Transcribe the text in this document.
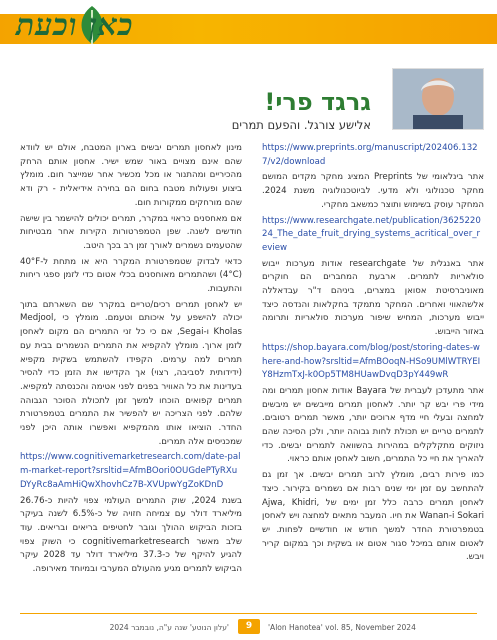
כאן וכעת
גרגד פרי!
אלישע צורגל. והפעם תמרים

https://www.preprints.org/manuscript/202406.1327/v2/download

אתר בינלאומי של Preprints המציג מחקר מקדים המושם מחקר טכנולוגי ולא מדעי. לביוטכנולוגיה משנת 2024. המחקר עוסק בשימוש ותוצר כמשאב מחקרי.

https://www.researchgate.net/publication/362522024_The_date_fruit_drying_systems_acritical_over_review

אתר באנגלית של researchgate אודות מערכות ייבוש סולאריות לתמרים. ארבעת המחברים הם חוקרים מאוניברסיטת אסואן במצרים, ביניהם ד"ר עבדאללה אלשהאווי ואחרים. המחקר מתמקד בחקלאות והנדסה כיצד ייבוש מערכות, המחיש שיפור מערכות סולאריות ותרומה באזור הייבוש.

https://shop.bayara.com/blog/post/storing-dates-where-and-how?srsltid=AfmBOoqN-HSo9UMlWTRYEIY8HzmTxJ-k0Op5TM8HUawDvqD3pY449wR

אתר מתעדכן לעברית של Bayara אודות אחסון תמרים ומה מידי פרי יבש קר יותר. לאחסון תמרים מייבשים יש מיבשים למחצה ובעלי חיי מדף ארוכים יותר, מאשר תמרים רטובים. לתמרים טריים יש תכולת לחות גבוהה יותר, ולכן הסיכה שהם ניזוקים מתקלקלים במהירות בהשוואה לתמרים יבשים. כדי להאריך את חיי כל התמרים, חשוב לאחסן אותם כראוי.

כמו פירות רבים, מומלץ לרוב תמרים יבשים. אך זמן גם להתחשב עם זמן ימי שנים רבות אם נשמרים בקירור. כיצד לאחסן תמרים כרבה כלל זמן ימים של Ajwa, Khidri, Wanan-i Sokari את חיו. המעבר מתאים למחצה ויש לאחסן בטמפרטורת החדר למשך חודש או חודשיים לפחות. יש לאטום אותם במיכל סגור אטום או בשקית וכך במקום קריר ויבש.

מינון לאחסון תמרים יבשים בארון המטבח, אולם יש לוודא שהם אינם מצויים באור שמש ישיר. אחסון אותם הרחק מהכיריים ומהתנור או מכל מכשיר אחר שמייצר חום. מומלץ ביצוע ופעולות מטבח בחום הם בחירה אידיאלית - רק ודא שהם מורחקים ממקורות חום.

אם מאחסנים כראוי במקרר, תמרים יכולים להישמר בין שישה חודשים לשנה. שפן הטמפרטורות הקירות אחר מבטיחות שהטעמים נשמרים לאורך זמן רב בכך היטב.

כדאי לבדוק שטמפרטורת המקרר היא או מתחת ל-40°F (4°C) ושהתמרים מאוחסנים בכלי אטום כדי לזמן ספגי ריחות והתעבות.

יש לאחסן תמרים רכים/טריים במקרר שם השארתם בתוך יכולה להישפע על איכותם וטעמם. מומלץ כי Medjool, Kholas ו-Segai, אם כי כל זני התמרים הם מקום לאחסן לזמן ארוך. מומלץ להקפיא את התמרים הנשמרים בבית עם תמרים למה ערמים. הקפידו להשתמש בשקית מקפיא (ידידותית לסביבה, רצוי) אך הקדישו את הזמן כדי להסיר בעדינות את כל האוויר בפנים לפני אטימה והכנסתה למקפיא. תמרים קפואים הוכחו למשך זמן לתכולת הסוכר הגבוהה שלהם. לפני הצריכה יש להפשיר את התמרים בטמפרטורת החדר. הוציאו אותו מהמקפיא ואפשרו אותה היכן לפני שמכניסים אלה תמרים.

https://www.cognitivemarketresearch.com/date-palm-market-report?srsltid=AfmBOori0OUGdePTyRXuDYyRc8aAmHiQwXhovhCz7B-XVUpwYgZoKDnD

בשנת 2024, שוק התמרים העולמי צפוי להיות כ-26.76 מיליארד דולר עם צמיחה חזויה של כ-6.5% לשנה בעיקר בזכות הביקוש ההולך וגובר לחטיפים בריאים ובריאים. עוד שלב מאשר cognitivemarketresearch כי השוק צפוי להגיע להיקף של כ-37.3 מיליארד דולר עד 2028 עיקר הביקוש לתמרים מגיע מהעולם המערבי ובמיוחד מאירופה.

'עלון הנוטע' שנה ע"ה, נובמבר 2024	9	'Alon Hanotea' vol. 85, November 2024
